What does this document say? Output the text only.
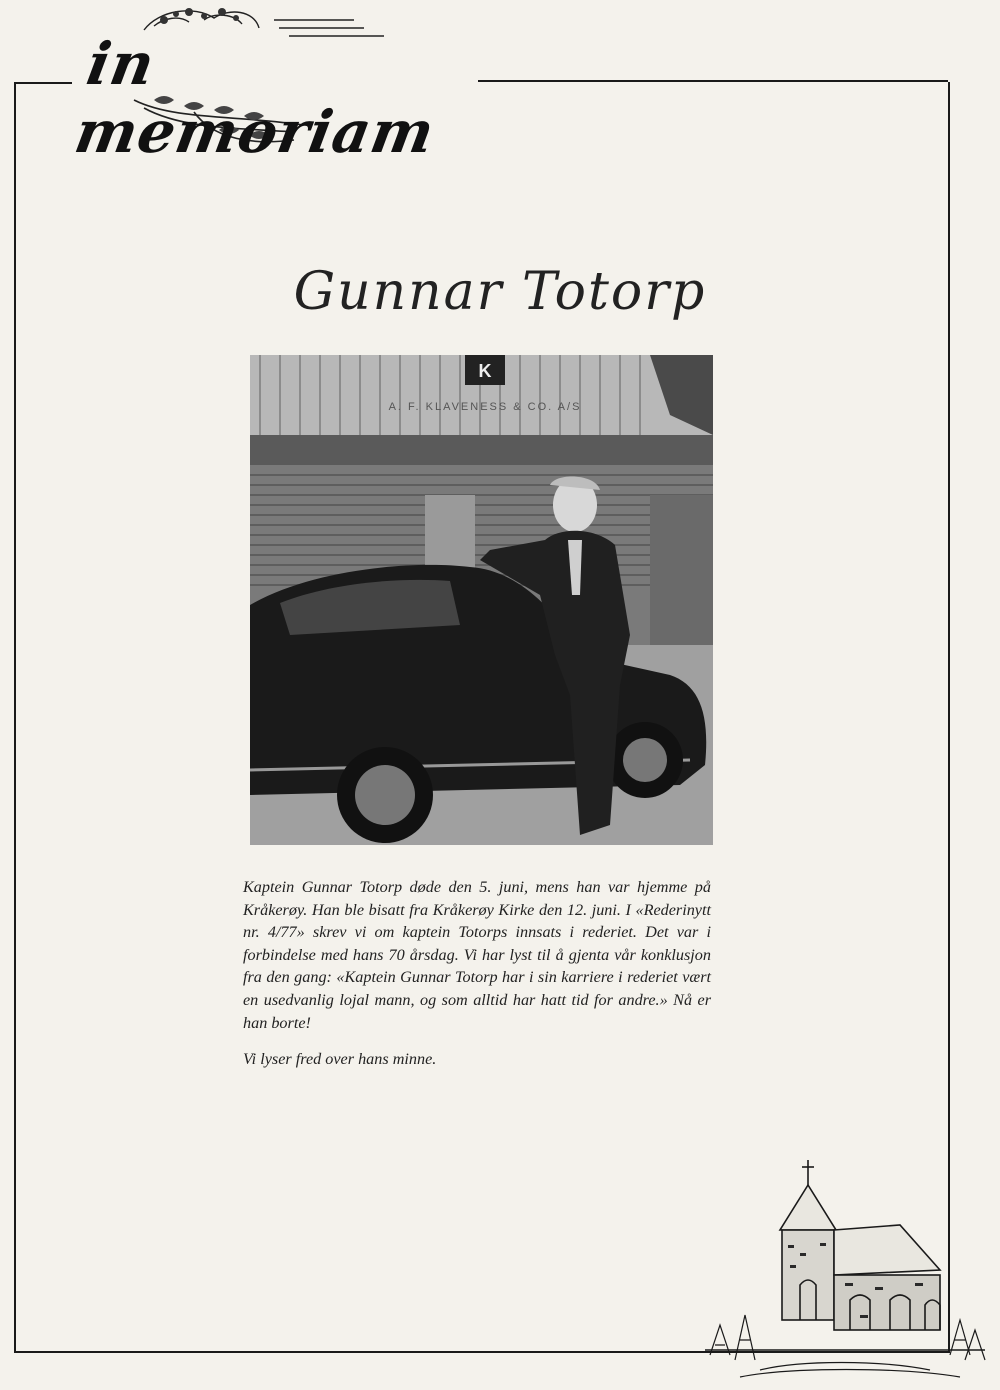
in memoriam
Gunnar Totorp
K
A. F. KLAVENESS & CO. A/S

Kaptein Gunnar Totorp døde den 5. juni, mens han var hjemme på Kråkerøy. Han ble bisatt fra Kråkerøy Kirke den 12. juni. I «Rederinytt nr. 4/77» skrev vi om kaptein Totorps innsats i rederiet. Det var i forbindelse med hans 70 årsdag. Vi har lyst til å gjenta vår konklusjon fra den gang: «Kaptein Gunnar Totorp har i sin karriere i rederiet vært en usedvanlig lojal mann, og som alltid har hatt tid for andre.» Nå er han borte!

Vi lyser fred over hans minne.
